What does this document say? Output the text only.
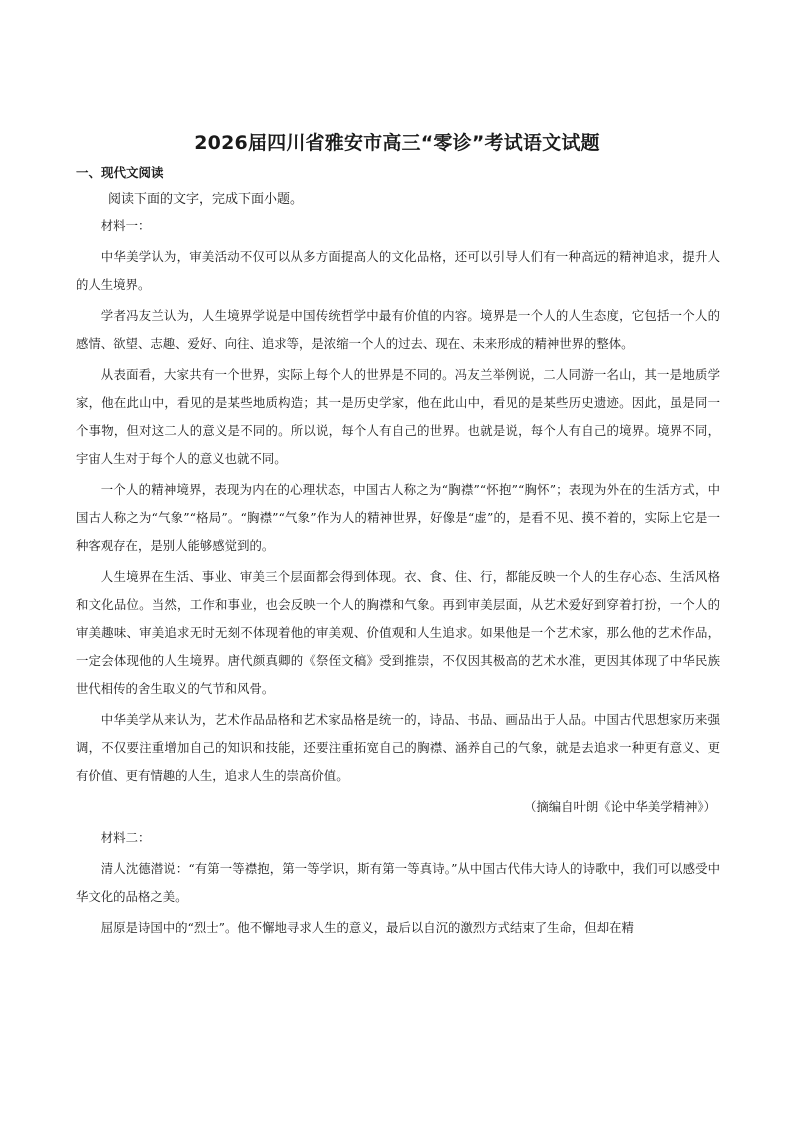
2026届四川省雅安市高三“零诊”考试语文试题
一、现代文阅读
阅读下面的文字，完成下面小题。

材料一：

中华美学认为，审美活动不仅可以从多方面提高人的文化品格，还可以引导人们有一种高远的精神追求，提升人的人生境界。

学者冯友兰认为，人生境界学说是中国传统哲学中最有价值的内容。境界是一个人的人生态度，它包括一个人的感情、欲望、志趣、爱好、向往、追求等，是浓缩一个人的过去、现在、未来形成的精神世界的整体。

从表面看，大家共有一个世界，实际上每个人的世界是不同的。冯友兰举例说，二人同游一名山，其一是地质学家，他在此山中，看见的是某些地质构造；其一是历史学家，他在此山中，看见的是某些历史遗迹。因此，虽是同一个事物，但对这二人的意义是不同的。所以说，每个人有自己的世界。也就是说，每个人有自己的境界。境界不同，宇宙人生对于每个人的意义也就不同。

一个人的精神境界，表现为内在的心理状态，中国古人称之为“胸襟”“怀抱”“胸怀”；表现为外在的生活方式，中国古人称之为“气象”“格局”。“胸襟”“气象”作为人的精神世界，好像是“虚”的，是看不见、摸不着的，实际上它是一种客观存在，是别人能够感觉到的。

人生境界在生活、事业、审美三个层面都会得到体现。衣、食、住、行，都能反映一个人的生存心态、生活风格和文化品位。当然，工作和事业，也会反映一个人的胸襟和气象。再到审美层面，从艺术爱好到穿着打扮，一个人的审美趣味、审美追求无时无刻不体现着他的审美观、价值观和人生追求。如果他是一个艺术家，那么他的艺术作品，一定会体现他的人生境界。唐代颜真卿的《祭侄文稿》受到推崇，不仅因其极高的艺术水准，更因其体现了中华民族世代相传的舍生取义的气节和风骨。

中华美学从来认为，艺术作品品格和艺术家品格是统一的，诗品、书品、画品出于人品。中国古代思想家历来强调，不仅要注重增加自己的知识和技能，还要注重拓宽自己的胸襟、涵养自己的气象，就是去追求一种更有意义、更有价值、更有情趣的人生，追求人生的崇高价值。

（摘编自叶朗《论中华美学精神》）

材料二：

清人沈德潜说：“有第一等襟抱，第一等学识，斯有第一等真诗。”从中国古代伟大诗人的诗歌中，我们可以感受中华文化的品格之美。

屈原是诗国中的“烈士”。他不懈地寻求人生的意义，最后以自沉的激烈方式结束了生命，但却在精
